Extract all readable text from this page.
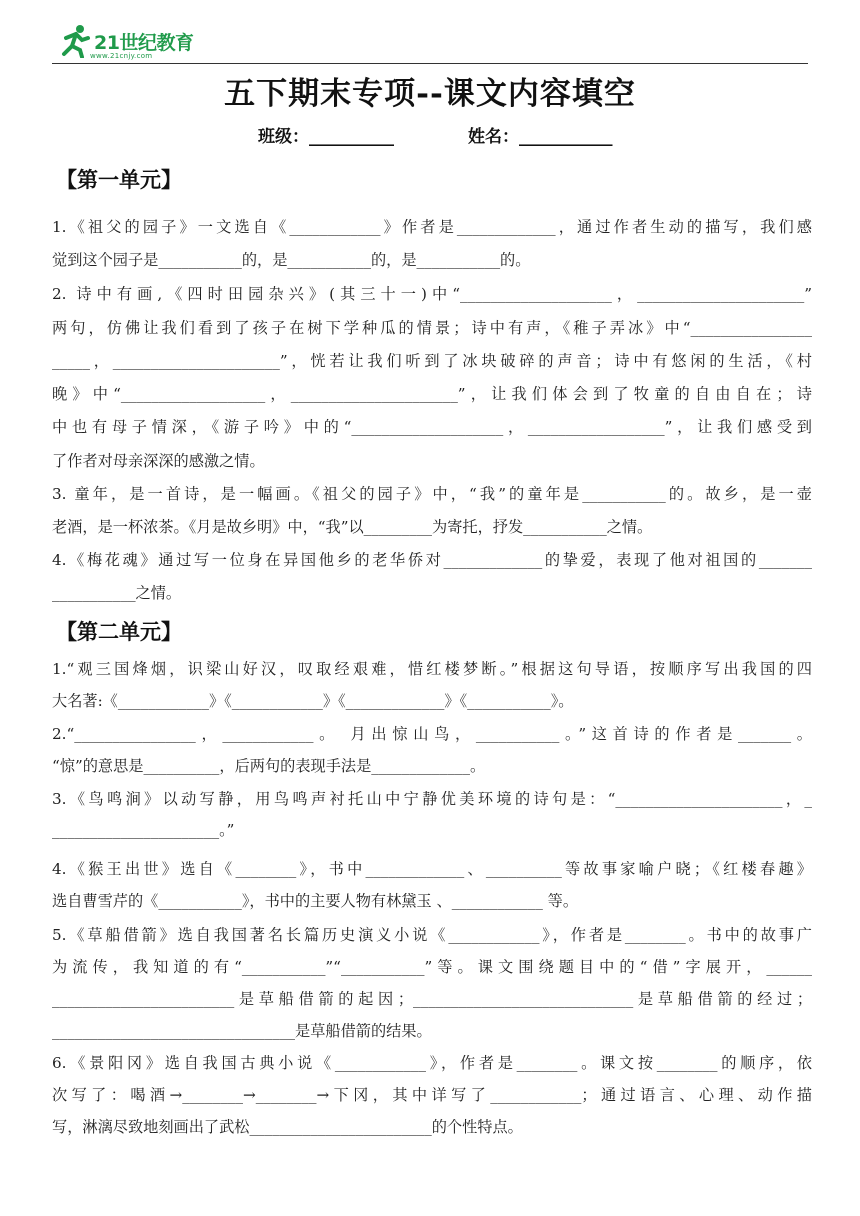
21世纪教育
www.21cnjy.com
五下期末专项--课文内容填空
班级：__________	姓名：___________
【第一单元】
1.《祖父的园子》一文选自《____________》作者是_____________，通过作者生动的描写，我们感
觉到这个园子是___________的，是___________的，是___________的。
2. 诗中有画,《四时田园杂兴》(其三十一)中“____________________，______________________”
两句，仿佛让我们看到了孩子在树下学种瓜的情景；诗中有声，《稚子弄冰》中“________________
_____，______________________”，恍若让我们听到了冰块破碎的声音；诗中有悠闲的生活，《村
晚》中“___________________，______________________”，让我们体会到了牧童的自由自在；诗
中也有母子情深，《游子吟》中的“____________________，__________________”，让我们感受到
了作者对母亲深深的感激之情。
3. 童年，是一首诗，是一幅画。《祖父的园子》中，“我”的童年是___________的。故乡，是一壶
老酒，是一杯浓茶。《月是故乡明》中，“我”以_________为寄托，抒发___________之情。
4.《梅花魂》通过写一位身在异国他乡的老华侨对_____________的挚爱，表现了他对祖国的_______
___________之情。
【第二单元】
1.“观三国烽烟，识梁山好汉，叹取经艰难，惜红楼梦断。”根据这句导语，按顺序写出我国的四
大名著:《____________》《____________》《_____________》《___________》。
2.“________________，____________。 月出惊山鸟，___________。”这首诗的作者是_______。
“惊”的意思是__________，后两句的表现手法是_____________。
3.《鸟鸣涧》以动写静，用鸟鸣声衬托山中宁静优美环境的诗句是：“______________________，_
______________________。”
4.《猴王出世》选自《________》，书中_____________、__________等故事家喻户晓；《红楼春趣》
选自曹雪芹的《___________》，书中的主要人物有林黛玉 、____________ 等。
5.《草船借箭》选自我国著名长篇历史演义小说《____________》，作者是________。书中的故事广
为流传，我知道的有“___________”“___________”等。课文围绕题目中的“借”字展开，______
________________________是草船借箭的起因；_____________________________是草船借箭的经过；
________________________________是草船借箭的结果。
6.《景阳冈》选自我国古典小说《____________》，作者是________。课文按________的顺序，依
次写了：喝酒→________→________→下冈，其中详写了____________；通过语言、心理、动作描
写，淋漓尽致地刻画出了武松________________________的个性特点。
